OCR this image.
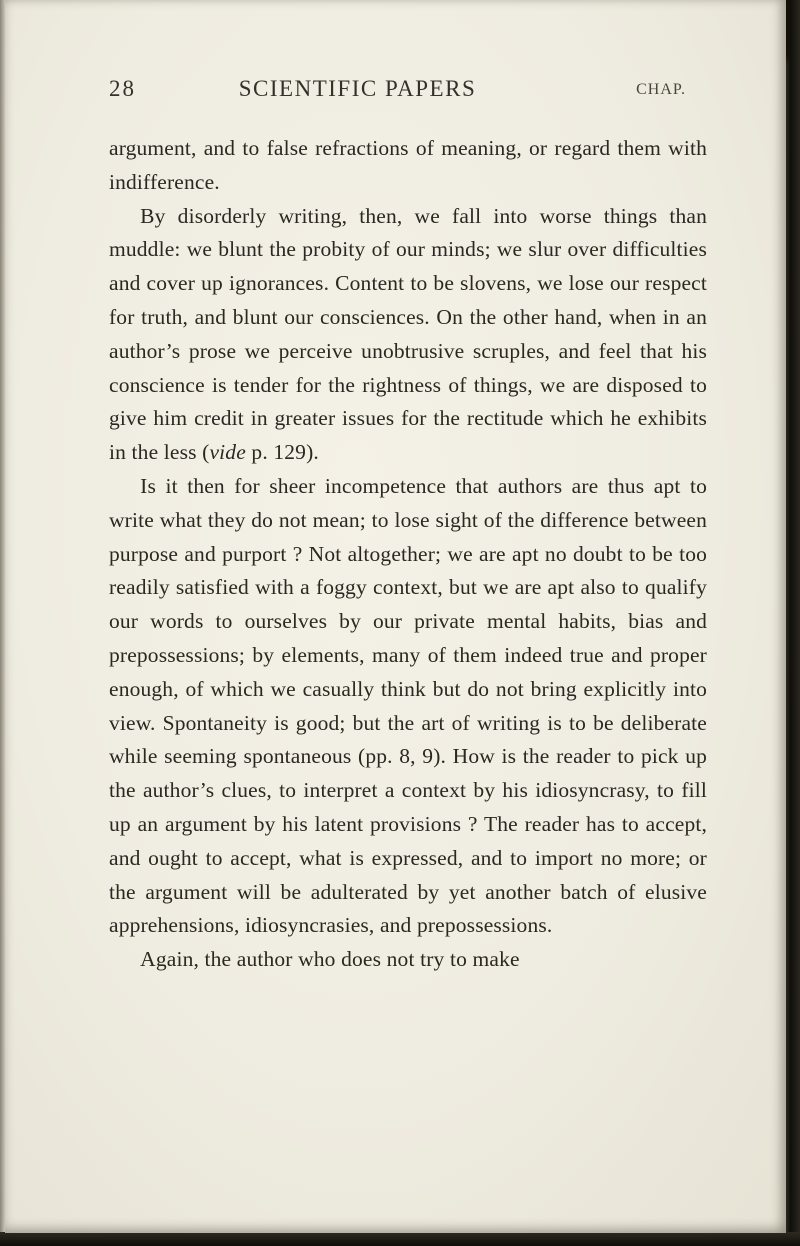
28	SCIENTIFIC PAPERS	CHAP.

argument, and to false refractions of meaning, or regard them with indifference.

By disorderly writing, then, we fall into worse things than muddle: we blunt the probity of our minds; we slur over difficulties and cover up ignorances. Content to be slovens, we lose our respect for truth, and blunt our consciences. On the other hand, when in an author’s prose we perceive unobtrusive scruples, and feel that his conscience is tender for the rightness of things, we are disposed to give him credit in greater issues for the rectitude which he exhibits in the less (vide p. 129).

Is it then for sheer incompetence that authors are thus apt to write what they do not mean; to lose sight of the difference between purpose and purport ? Not altogether; we are apt no doubt to be too readily satisfied with a foggy context, but we are apt also to qualify our words to ourselves by our private mental habits, bias and prepossessions; by elements, many of them indeed true and proper enough, of which we casually think but do not bring explicitly into view. Spontaneity is good; but the art of writing is to be deliberate while seeming spontaneous (pp. 8, 9). How is the reader to pick up the author’s clues, to interpret a context by his idiosyncrasy, to fill up an argument by his latent provisions ? The reader has to accept, and ought to accept, what is expressed, and to import no more; or the argument will be adulterated by yet another batch of elusive apprehensions, idiosyncrasies, and prepossessions.

Again, the author who does not try to make
